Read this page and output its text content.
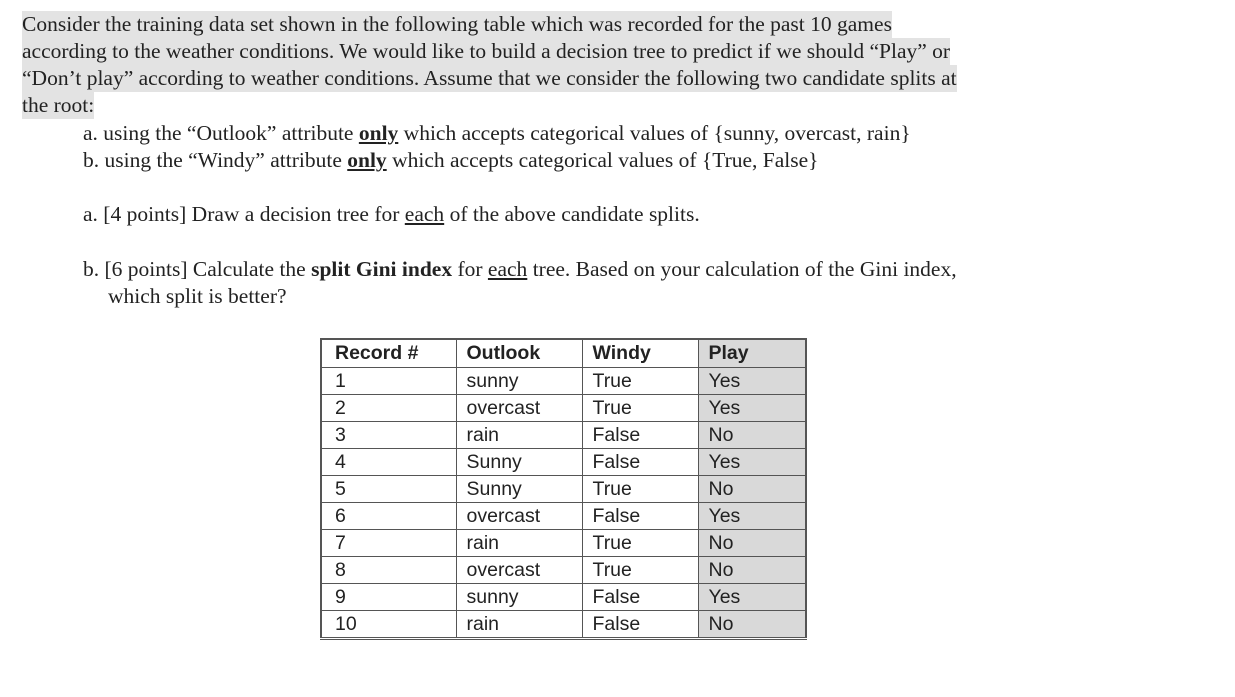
Consider the training data set shown in the following table which was recorded for the past 10 games
according to the weather conditions. We would like to build a decision tree to predict if we should “Play” or
“Don’t play” according to weather conditions. Assume that we consider the following two candidate splits at
the root:
a. using the “Outlook” attribute only which accepts categorical values of {sunny, overcast, rain}
b. using the “Windy” attribute only which accepts categorical values of {True, False}
a. [4 points] Draw a decision tree for each of the above candidate splits.
b. [6 points] Calculate the split Gini index for each tree. Based on your calculation of the Gini index,
which split is better?
Record #	Outlook	Windy	Play
1	sunny	True	Yes
2	overcast	True	Yes
3	rain	False	No
4	Sunny	False	Yes
5	Sunny	True	No
6	overcast	False	Yes
7	rain	True	No
8	overcast	True	No
9	sunny	False	Yes
10	rain	False	No
